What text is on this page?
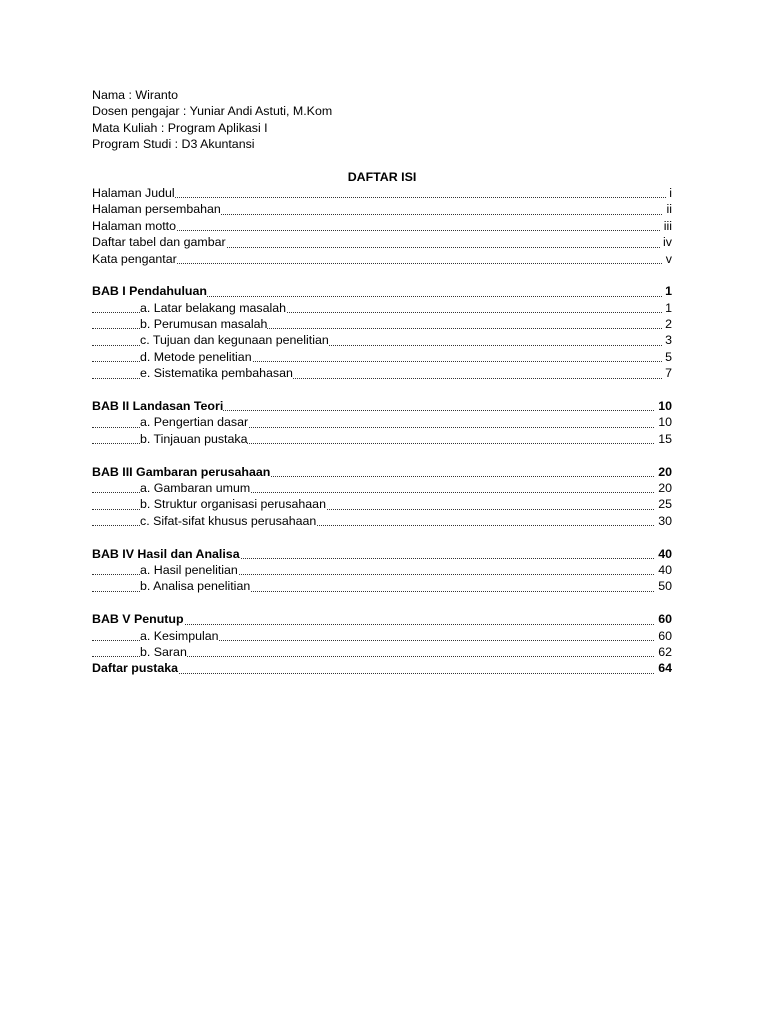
Nama : Wiranto
Dosen pengajar : Yuniar Andi Astuti, M.Kom
Mata Kuliah : Program Aplikasi I
Program Studi : D3 Akuntansi
DAFTAR ISI
Halaman Judul	i
Halaman persembahan	ii
Halaman motto	iii
Daftar tabel dan gambar	iv
Kata pengantar	v
BAB I Pendahuluan	1
a. Latar belakang masalah	1
b. Perumusan masalah	2
c. Tujuan dan kegunaan penelitian	3
d. Metode penelitian	5
e. Sistematika pembahasan	7
BAB II Landasan Teori	10
a. Pengertian dasar	10
b. Tinjauan pustaka	15
BAB III Gambaran perusahaan	20
a. Gambaran umum	20
b. Struktur organisasi perusahaan	25
c. Sifat-sifat khusus perusahaan	30
BAB IV Hasil dan Analisa	40
a. Hasil penelitian	40
b. Analisa penelitian	50
BAB V Penutup	60
a. Kesimpulan	60
b. Saran	62
Daftar pustaka	64
